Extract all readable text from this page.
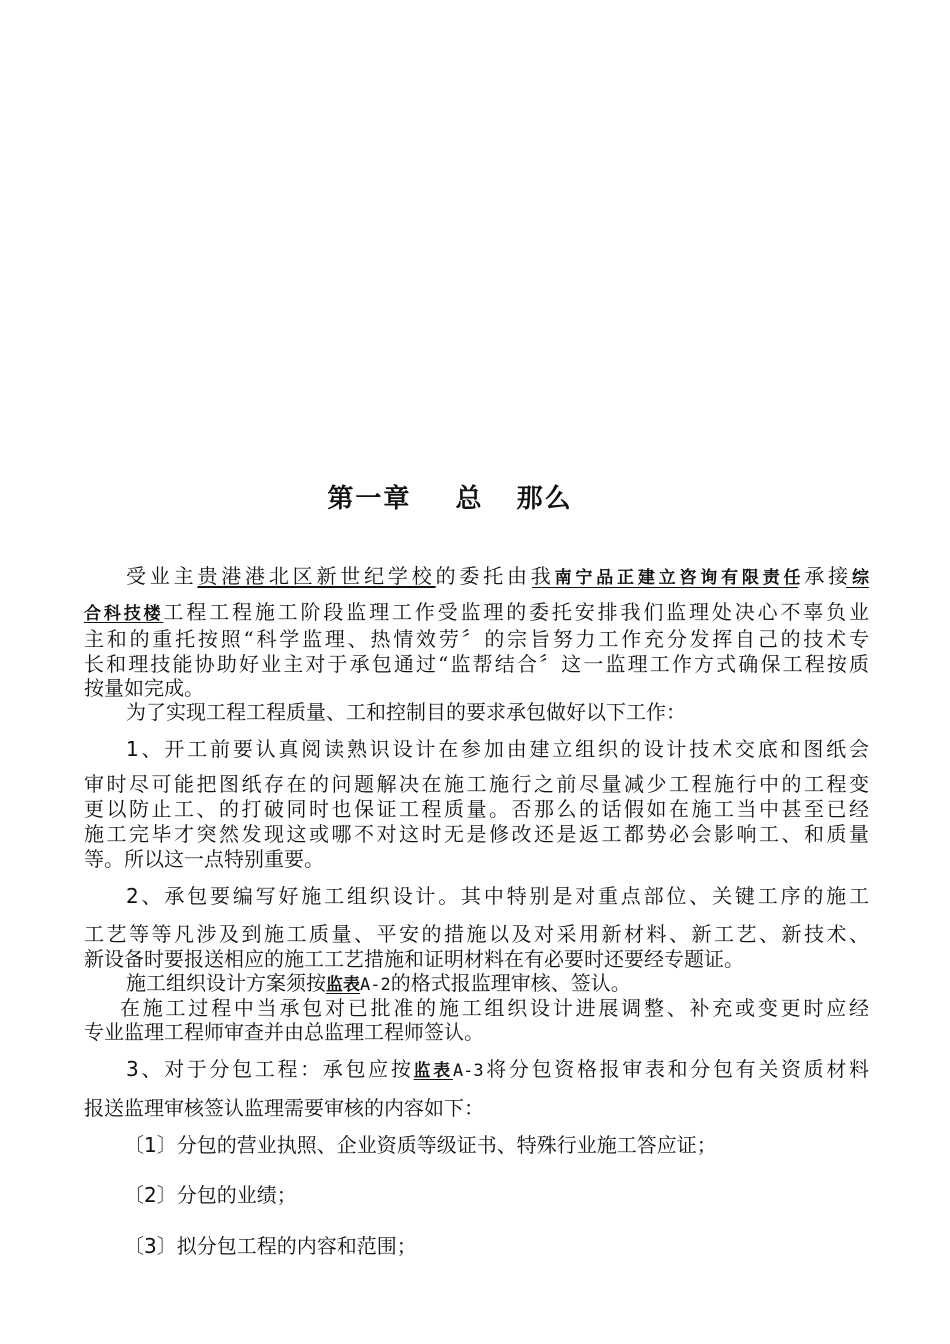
第一章    总   那么
受业主贵港港北区新世纪学校的委托由我南宁品正建立咨询有限责任承接综
合科技楼工程工程施工阶段监理工作受监理的委托安排我们监理处决心不辜负业
主和的重托按照“科学监理、热情效劳〞的宗旨努力工作充分发挥自己的技术专
长和理技能协助好业主对于承包通过“监帮结合〞这一监理工作方式确保工程按质
按量如完成。
为了实现工程工程质量、工和控制目的要求承包做好以下工作：
1、开工前要认真阅读熟识设计在参加由建立组织的设计技术交底和图纸会
审时尽可能把图纸存在的问题解决在施工施行之前尽量减少工程施行中的工程变
更以防止工、的打破同时也保证工程质量。否那么的话假如在施工当中甚至已经
施工完毕才突然发现这或哪不对这时无是修改还是返工都势必会影响工、和质量
等。所以这一点特别重要。
2、承包要编写好施工组织设计。其中特别是对重点部位、关键工序的施工
工艺等等凡涉及到施工质量、平安的措施以及对采用新材料、新工艺、新技术、
新设备时要报送相应的施工工艺措施和证明材料在有必要时还要经专题证。
施工组织设计方案须按监表A-2的格式报监理审核、签认。
在施工过程中当承包对已批准的施工组织设计进展调整、补充或变更时应经
专业监理工程师审查并由总监理工程师签认。
3、对于分包工程：承包应按监表A-3将分包资格报审表和分包有关资质材料
报送监理审核签认监理需要审核的内容如下：
〔1〕分包的营业执照、企业资质等级证书、特殊行业施工答应证；
〔2〕分包的业绩；
〔3〕拟分包工程的内容和范围；
